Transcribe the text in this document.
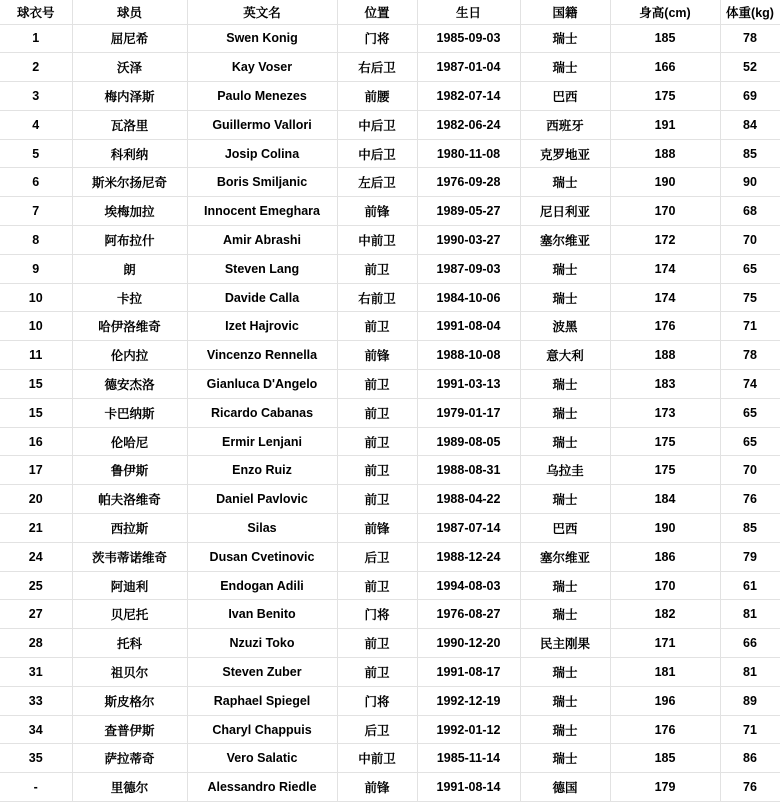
球衣号	球员	英文名	位置	生日	国籍	身高(cm)	体重(kg)
1	屈尼希	Swen Konig	门将	1985-09-03	瑞士	185	78
2	沃泽	Kay Voser	右后卫	1987-01-04	瑞士	166	52
3	梅内泽斯	Paulo Menezes	前腰	1982-07-14	巴西	175	69
4	瓦洛里	Guillermo Vallori	中后卫	1982-06-24	西班牙	191	84
5	科利纳	Josip Colina	中后卫	1980-11-08	克罗地亚	188	85
6	斯米尔扬尼奇	Boris Smiljanic	左后卫	1976-09-28	瑞士	190	90
7	埃梅加拉	Innocent Emeghara	前锋	1989-05-27	尼日利亚	170	68
8	阿布拉什	Amir Abrashi	中前卫	1990-03-27	塞尔维亚	172	70
9	朗	Steven Lang	前卫	1987-09-03	瑞士	174	65
10	卡拉	Davide Calla	右前卫	1984-10-06	瑞士	174	75
10	哈伊洛维奇	Izet Hajrovic	前卫	1991-08-04	波黑	176	71
11	伦内拉	Vincenzo Rennella	前锋	1988-10-08	意大利	188	78
15	德安杰洛	Gianluca D'Angelo	前卫	1991-03-13	瑞士	183	74
15	卡巴纳斯	Ricardo Cabanas	前卫	1979-01-17	瑞士	173	65
16	伦哈尼	Ermir Lenjani	前卫	1989-08-05	瑞士	175	65
17	鲁伊斯	Enzo Ruiz	前卫	1988-08-31	乌拉圭	175	70
20	帕夫洛维奇	Daniel Pavlovic	前卫	1988-04-22	瑞士	184	76
21	西拉斯	Silas	前锋	1987-07-14	巴西	190	85
24	茨韦蒂诺维奇	Dusan Cvetinovic	后卫	1988-12-24	塞尔维亚	186	79
25	阿迪利	Endogan Adili	前卫	1994-08-03	瑞士	170	61
27	贝尼托	Ivan Benito	门将	1976-08-27	瑞士	182	81
28	托科	Nzuzi Toko	前卫	1990-12-20	民主刚果	171	66
31	祖贝尔	Steven Zuber	前卫	1991-08-17	瑞士	181	81
33	斯皮格尔	Raphael Spiegel	门将	1992-12-19	瑞士	196	89
34	查普伊斯	Charyl Chappuis	后卫	1992-01-12	瑞士	176	71
35	萨拉蒂奇	Vero Salatic	中前卫	1985-11-14	瑞士	185	86
-	里德尔	Alessandro Riedle	前锋	1991-08-14	德国	179	76
